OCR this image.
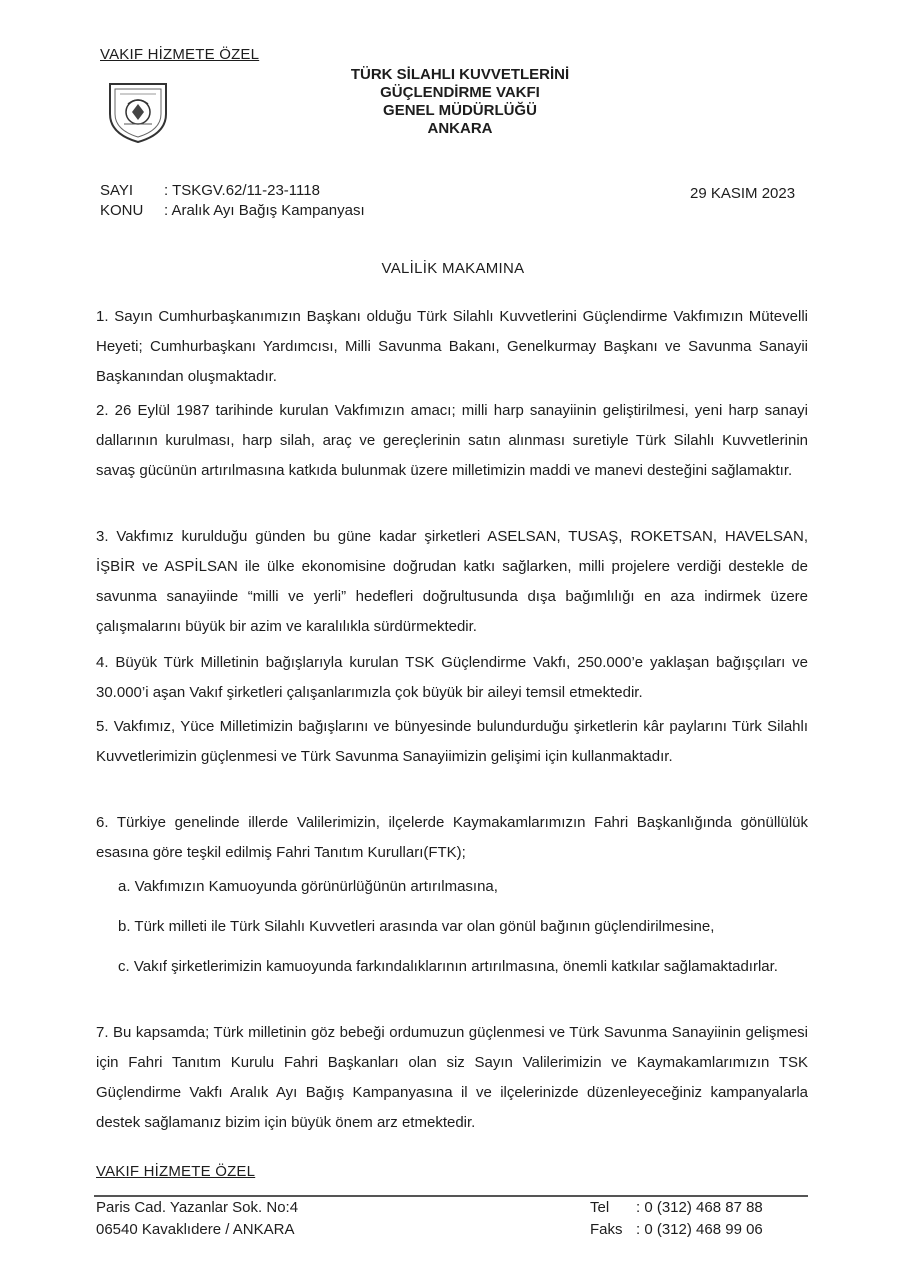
VAKIF HİZMETE ÖZEL
TÜRK SİLAHLI KUVVETLERİNİ
GÜÇLENDİRME VAKFI
GENEL MÜDÜRLÜĞÜ
ANKARA
SAYI : TSKGV.62/11-23-1118
KONU : Aralık Ayı Bağış Kampanyası
29 KASIM 2023
VALİLİK MAKAMINA
1. Sayın Cumhurbaşkanımızın Başkanı olduğu Türk Silahlı Kuvvetlerini Güçlendirme Vakfımızın Mütevelli Heyeti; Cumhurbaşkanı Yardımcısı, Milli Savunma Bakanı, Genelkurmay Başkanı ve Savunma Sanayii Başkanından oluşmaktadır.
2. 26 Eylül 1987 tarihinde kurulan Vakfımızın amacı; milli harp sanayiinin geliştirilmesi, yeni harp sanayi dallarının kurulması, harp silah, araç ve gereçlerinin satın alınması suretiyle Türk Silahlı Kuvvetlerinin savaş gücünün artırılmasına katkıda bulunmak üzere milletimizin maddi ve manevi desteğini sağlamaktır.
3. Vakfımız kurulduğu günden bu güne kadar şirketleri ASELSAN, TUSAŞ, ROKETSAN, HAVELSAN, İŞBİR ve ASPİLSAN ile ülke ekonomisine doğrudan katkı sağlarken, milli projelere verdiği destekle de savunma sanayiinde “milli ve yerli” hedefleri doğrultusunda dışa bağımlılığı en aza indirmek üzere çalışmalarını büyük bir azim ve karalılıkla sürdürmektedir.
4. Büyük Türk Milletinin bağışlarıyla kurulan TSK Güçlendirme Vakfı, 250.000’e yaklaşan bağışçıları ve 30.000’i aşan Vakıf şirketleri çalışanlarımızla çok büyük bir aileyi temsil etmektedir.
5. Vakfımız, Yüce Milletimizin bağışlarını ve bünyesinde bulundurduğu şirketlerin kâr paylarını Türk Silahlı Kuvvetlerimizin güçlenmesi ve Türk Savunma Sanayiimizin gelişimi için kullanmaktadır.
6. Türkiye genelinde illerde Valilerimizin, ilçelerde Kaymakamlarımızın Fahri Başkanlığında gönüllülük esasına göre teşkil edilmiş Fahri Tanıtım Kurulları(FTK);
a. Vakfımızın Kamuoyunda görünürlüğünün artırılmasına,
b. Türk milleti ile Türk Silahlı Kuvvetleri arasında var olan gönül bağının güçlendirilmesine,
c. Vakıf şirketlerimizin kamuoyunda farkındalıklarının artırılmasına, önemli katkılar sağlamaktadırlar.
7. Bu kapsamda; Türk milletinin göz bebeği ordumuzun güçlenmesi ve Türk Savunma Sanayiinin gelişmesi için Fahri Tanıtım Kurulu Fahri Başkanları olan siz Sayın Valilerimizin ve Kaymakamlarımızın TSK Güçlendirme Vakfı Aralık Ayı Bağış Kampanyasına il ve ilçelerinizde düzenleyeceğiniz kampanyalarla destek sağlamanız bizim için büyük önem arz etmektedir.
VAKIF HİZMETE ÖZEL
Paris Cad. Yazanlar Sok. No:4
06540 Kavaklıdere / ANKARA
Tel : 0 (312) 468 87 88
Faks : 0 (312) 468 99 06
